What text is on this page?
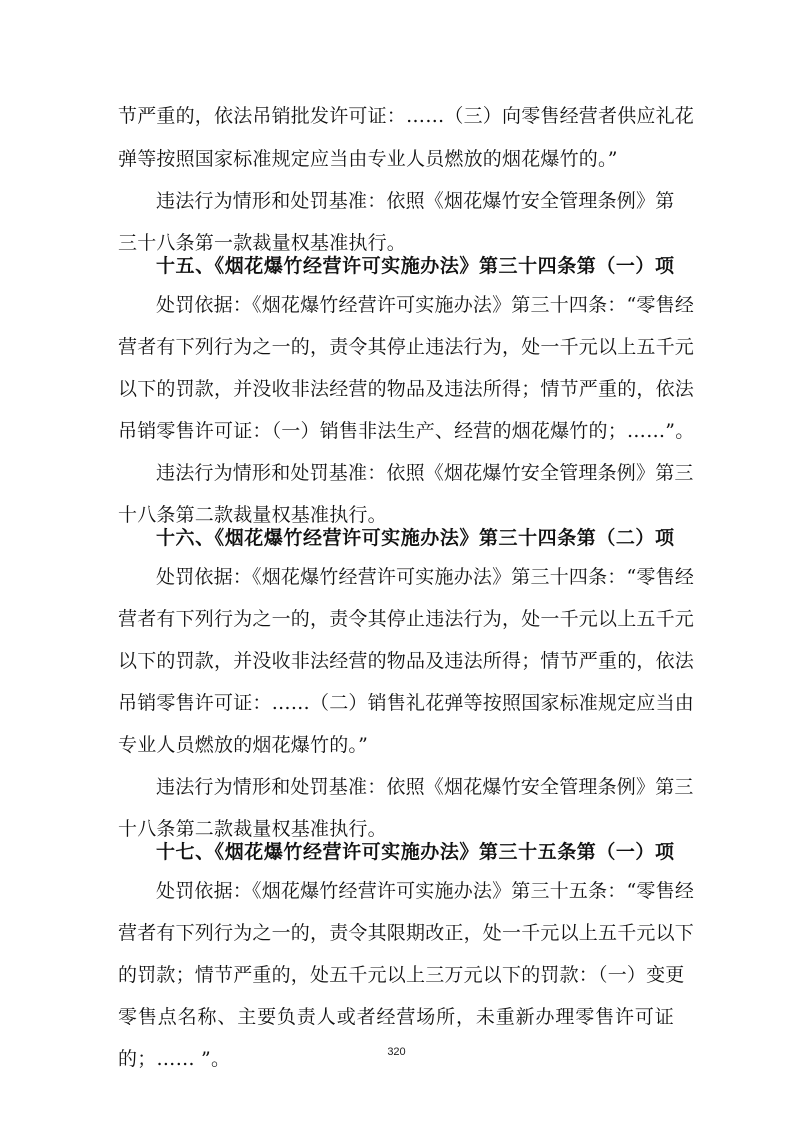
节严重的，依法吊销批发许可证：……（三）向零售经营者供应礼花
弹等按照国家标准规定应当由专业人员燃放的烟花爆竹的。”
违法行为情形和处罚基准：依照《烟花爆竹安全管理条例》第
三十八条第一款裁量权基准执行。
十五、《烟花爆竹经营许可实施办法》第三十四条第（一）项
处罚依据：《烟花爆竹经营许可实施办法》第三十四条：“零售经
营者有下列行为之一的，责令其停止违法行为，处一千元以上五千元
以下的罚款，并没收非法经营的物品及违法所得；情节严重的，依法
吊销零售许可证：（一）销售非法生产、经营的烟花爆竹的；……”。
违法行为情形和处罚基准：依照《烟花爆竹安全管理条例》第三
十八条第二款裁量权基准执行。
十六、《烟花爆竹经营许可实施办法》第三十四条第（二）项
处罚依据：《烟花爆竹经营许可实施办法》第三十四条：“零售经
营者有下列行为之一的，责令其停止违法行为，处一千元以上五千元
以下的罚款，并没收非法经营的物品及违法所得；情节严重的，依法
吊销零售许可证：……（二）销售礼花弹等按照国家标准规定应当由
专业人员燃放的烟花爆竹的。”
违法行为情形和处罚基准：依照《烟花爆竹安全管理条例》第三
十八条第二款裁量权基准执行。
十七、《烟花爆竹经营许可实施办法》第三十五条第（一）项
处罚依据：《烟花爆竹经营许可实施办法》第三十五条：“零售经
营者有下列行为之一的，责令其限期改正，处一千元以上五千元以下
的罚款；情节严重的，处五千元以上三万元以下的罚款：（一）变更
零售点名称、主要负责人或者经营场所，未重新办理零售许可证
的；…… ”。	320
